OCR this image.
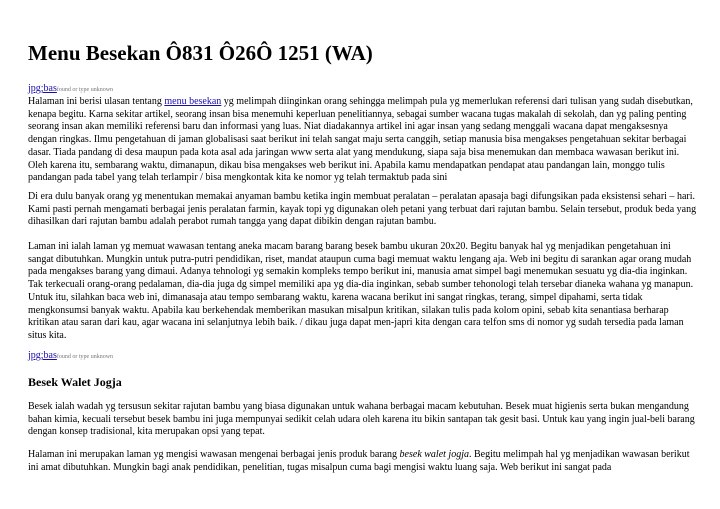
Menu Besekan Ô831 Ô26Ô 1251 (WA)
jpg;basfound or type unknown

Halaman ini berisi ulasan tentang menu besekan yg melimpah diinginkan orang sehingga melimpah pula yg memerlukan referensi dari tulisan yang sudah disebutkan, kenapa begitu. Karna sekitar artikel, seorang insan bisa menemuhi keperluan penelitiannya, sebagai sumber wacana tugas makalah di sekolah, dan yg paling penting seorang insan akan memiliki referensi baru dan informasi yang luas. Niat diadakannya artikel ini agar insan yang sedang menggali wacana dapat mengaksesnya dengan ringkas. Ilmu pengetahuan di jaman globalisasi saat berikut ini telah sangat maju serta canggih, setiap manusia bisa mengakses pengetahuan sekitar berbagai dasar. Tiada pandang di desa maupun pada kota asal ada jaringan www serta alat yang mendukung, siapa saja bisa menemukan dan membaca wawasan berikut ini. Oleh karena itu, sembarang waktu, dimanapun, dikau bisa mengakses web berikut ini. Apabila kamu mendapatkan pendapat atau pandangan lain, monggo tulis pandangan pada tabel yang telah terlampir / bisa mengkontak kita ke nomor yg telah termaktub pada sini

Di era dulu banyak orang yg menentukan memakai anyaman bambu ketika ingin membuat peralatan – peralatan apasaja bagi difungsikan pada eksistensi sehari – hari. Kami pasti pernah mengamati berbagai jenis peralatan farmin, kayak topi yg digunakan oleh petani yang terbuat dari rajutan bambu. Selain tersebut, produk beda yang dihasilkan dari rajutan bambu adalah perabot rumah tangga yang dapat dibikin dengan rajutan bambu.

Laman ini ialah laman yg memuat wawasan tentang aneka macam barang barang besek bambu ukuran 20x20. Begitu banyak hal yg menjadikan pengetahuan ini sangat dibutuhkan. Mungkin untuk putra-putri pendidikan, riset, mandat ataupun cuma bagi memuat waktu lengang aja. Web ini begitu di sarankan agar orang mudah pada mengakses barang yang dimaui. Adanya tehnologi yg semakin kompleks tempo berikut ini, manusia amat simpel bagi menemukan sesuatu yg dia-dia inginkan. Tak terkecuali orang-orang pedalaman, dia-dia juga dg simpel memiliki apa yg dia-dia inginkan, sebab sumber tehonologi telah tersebar dianeka wahana yg manapun. Untuk itu, silahkan baca web ini, dimanasaja atau tempo sembarang waktu, karena wacana berikut ini sangat ringkas, terang, simpel dipahami, serta tidak mengkonsumsi banyak waktu. Apabila kau berkehendak memberikan masukan misalpun kritikan, silakan tulis pada kolom opini, sebab kita senantiasa berharap kritikan atau saran dari kau, agar wacana ini selanjutnya lebih baik. / dikau juga dapat men-japri kita dengan cara telfon sms di nomor yg sudah tersedia pada laman situs kita.

jpg;basfound or type unknown
Besek Walet Jogja

Besek ialah wadah yg tersusun sekitar rajutan bambu yang biasa digunakan untuk wahana berbagai macam kebutuhan. Besek muat higienis serta bukan mengandung bahan kimia, kecuali tersebut besek bambu ini juga mempunyai sedikit celah udara oleh karena itu bikin santapan tak gesit basi. Untuk kau yang ingin jual-beli barang dengan konsep tradisional, kita merupakan opsi yang tepat.

Halaman ini merupakan laman yg mengisi wawasan mengenai berbagai jenis produk barang besek walet jogja. Begitu melimpah hal yg menjadikan wawasan berikut ini amat dibutuhkan. Mungkin bagi anak pendidikan, penelitian, tugas misalpun cuma bagi mengisi waktu luang saja. Web berikut ini sangat pada
